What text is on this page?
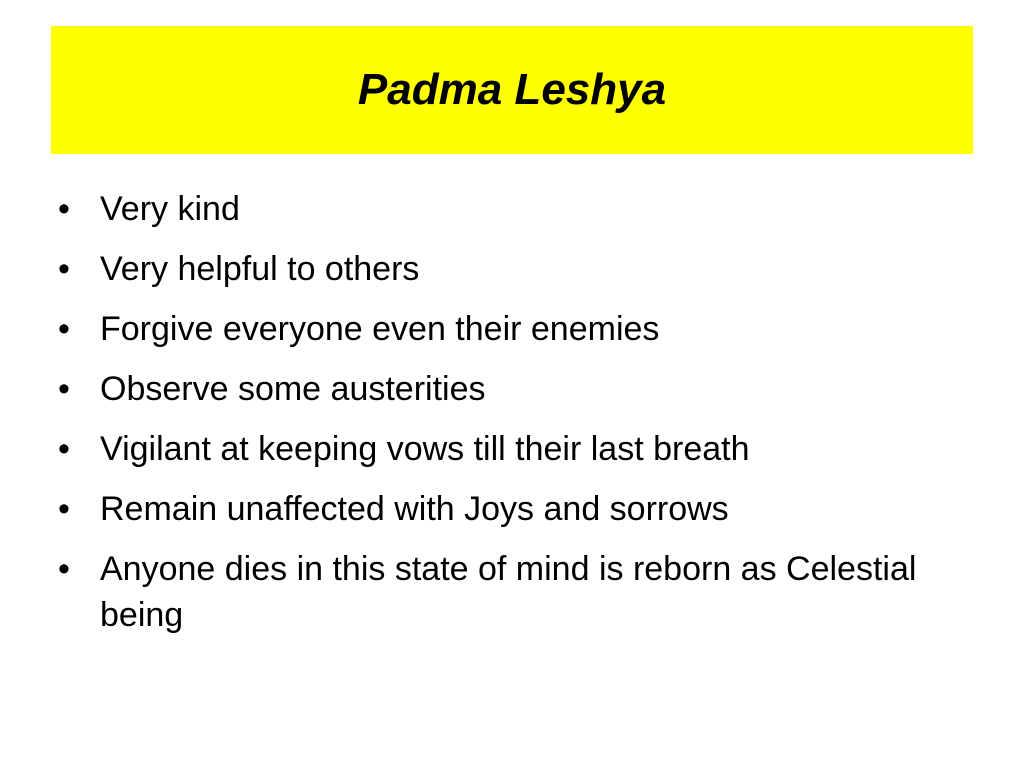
Padma Leshya
• Very kind
• Very helpful to others
• Forgive everyone even their enemies
• Observe some austerities
• Vigilant at keeping vows till their last breath
• Remain unaffected with Joys and sorrows
• Anyone dies in this state of mind is reborn as Celestial being
